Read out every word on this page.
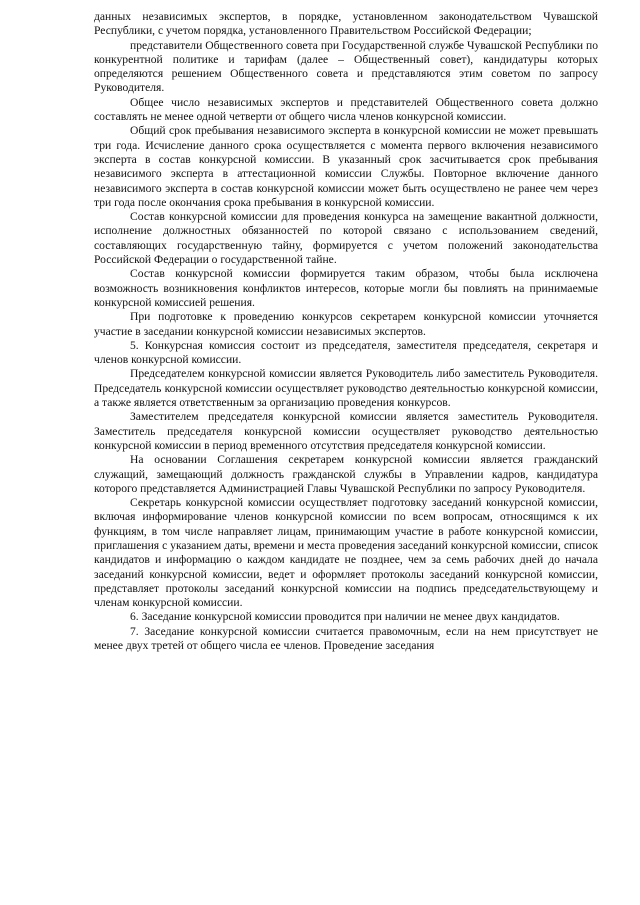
данных независимых экспертов, в порядке, установленном законодательством Чувашской Республики, с учетом порядка, установленного Правительством Российской Федерации;

представители Общественного совета при Государственной службе Чувашской Республики по конкурентной политике и тарифам (далее – Общественный совет), кандидатуры которых определяются решением Общественного совета и представляются этим советом по запросу Руководителя.

Общее число независимых экспертов и представителей Общественного совета должно составлять не менее одной четверти от общего числа членов конкурсной комиссии.

Общий срок пребывания независимого эксперта в конкурсной комиссии не может превышать три года. Исчисление данного срока осуществляется с момента первого включения независимого эксперта в состав конкурсной комиссии. В указанный срок засчитывается срок пребывания независимого эксперта в аттестационной комиссии Службы. Повторное включение данного независимого эксперта в состав конкурсной комиссии может быть осуществлено не ранее чем через три года после окончания срока пребывания в конкурсной комиссии.

Состав конкурсной комиссии для проведения конкурса на замещение вакантной должности, исполнение должностных обязанностей по которой связано с использованием сведений, составляющих государственную тайну, формируется с учетом положений законодательства Российской Федерации о государственной тайне.

Состав конкурсной комиссии формируется таким образом, чтобы была исключена возможность возникновения конфликтов интересов, которые могли бы повлиять на принимаемые конкурсной комиссией решения.

При подготовке к проведению конкурсов секретарем конкурсной комиссии уточняется участие в заседании конкурсной комиссии независимых экспертов.

5. Конкурсная комиссия состоит из председателя, заместителя председателя, секретаря и членов конкурсной комиссии.

Председателем конкурсной комиссии является Руководитель либо заместитель Руководителя. Председатель конкурсной комиссии осуществляет руководство деятельностью конкурсной комиссии, а также является ответственным за организацию проведения конкурсов.

Заместителем председателя конкурсной комиссии является заместитель Руководителя. Заместитель председателя конкурсной комиссии осуществляет руководство деятельностью конкурсной комиссии в период временного отсутствия председателя конкурсной комиссии.

На основании Соглашения секретарем конкурсной комиссии является гражданский служащий, замещающий должность гражданской службы в Управлении кадров, кандидатура которого представляется Администрацией Главы Чувашской Республики по запросу Руководителя.

Секретарь конкурсной комиссии осуществляет подготовку заседаний конкурсной комиссии, включая информирование членов конкурсной комиссии по всем вопросам, относящимся к их функциям, в том числе направляет лицам, принимающим участие в работе конкурсной комиссии, приглашения с указанием даты, времени и места проведения заседаний конкурсной комиссии, список кандидатов и информацию о каждом кандидате не позднее, чем за семь рабочих дней до начала заседаний конкурсной комиссии, ведет и оформляет протоколы заседаний конкурсной комиссии, представляет протоколы заседаний конкурсной комиссии на подпись председательствующему и членам конкурсной комиссии.

6. Заседание конкурсной комиссии проводится при наличии не менее двух кандидатов.

7. Заседание конкурсной комиссии считается правомочным, если на нем присутствует не менее двух третей от общего числа ее членов. Проведение заседания
